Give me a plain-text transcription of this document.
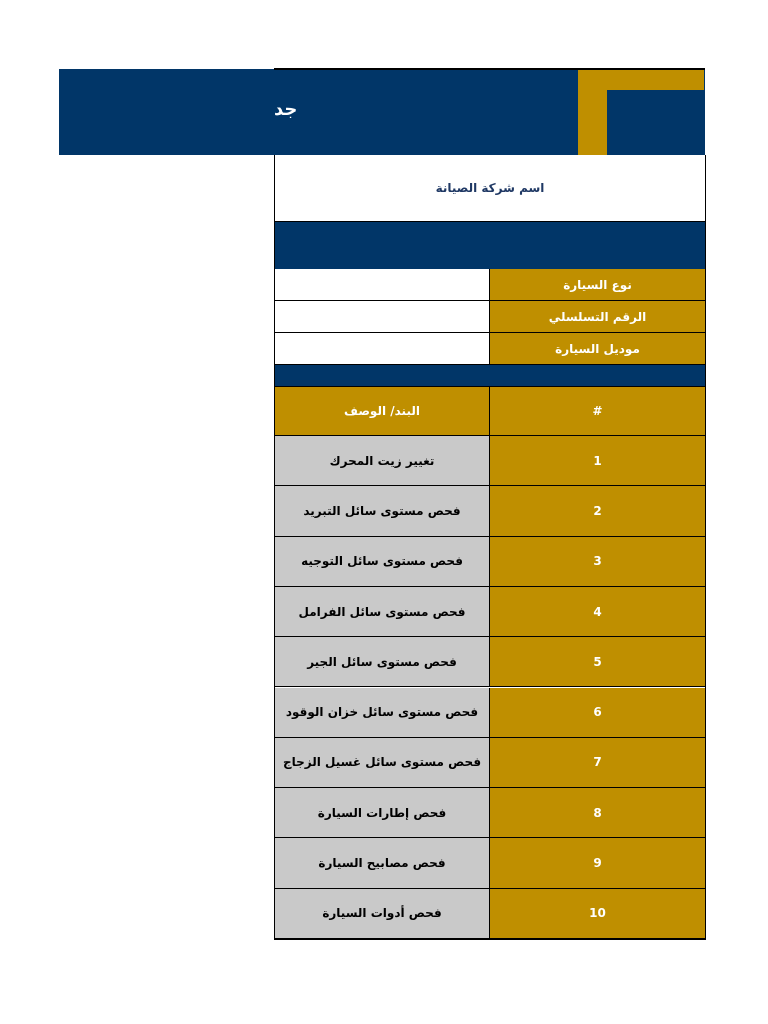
جد
اسم شركة الصيانة
نوع السيارة
الرقم التسلسلي
موديل السيارة
البند/ الوصف	#
تغيير زيت المحرك	1
فحص مستوى سائل التبريد	2
فحص مستوى سائل التوجيه	3
فحص مستوى سائل الفرامل	4
فحص مستوى سائل الجير	5
فحص مستوى سائل خزان الوقود	6
فحص مستوى سائل غسيل الزجاج	7
فحص إطارات السيارة	8
فحص مصابيح السيارة	9
فحص أدوات السيارة	10
